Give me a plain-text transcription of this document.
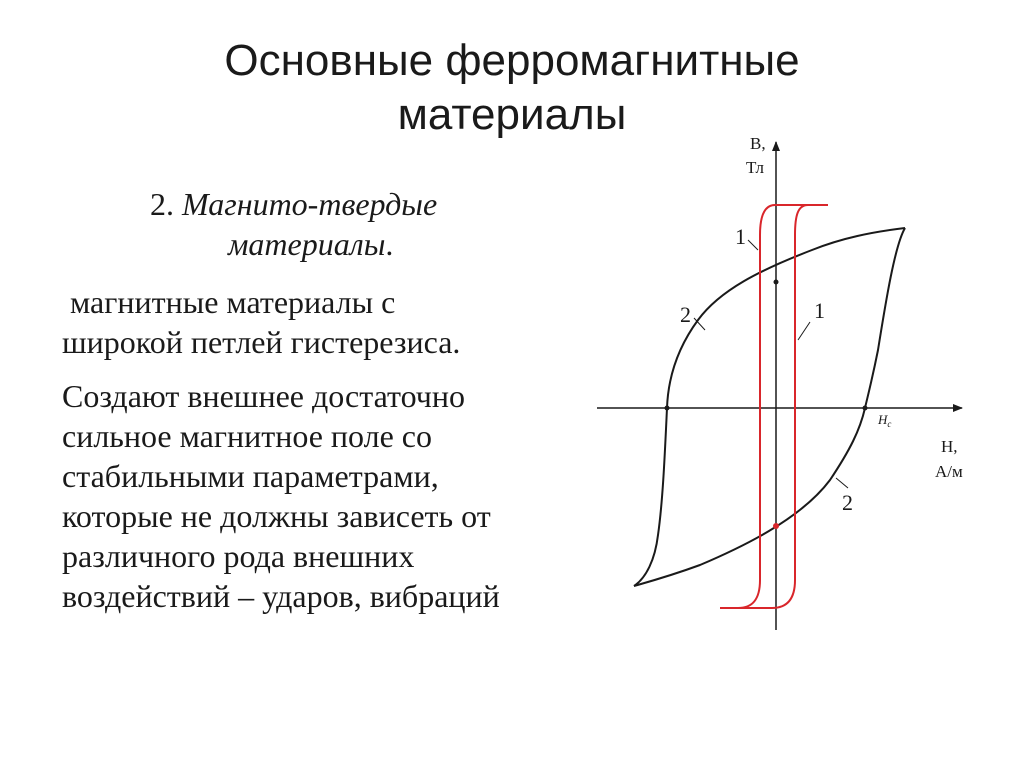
Основные ферромагнитные
материалы
2. Магнито-твердые
материалы.
магнитные материалы с
широкой петлей гистерезиса.
Создают внешнее достаточно
сильное магнитное поле со
стабильными параметрами,
которые не должны зависеть от
различного рода внешних
воздействий – ударов, вибраций
В,
Тл
H,
А/м
$H_c$
1
1
2
2
